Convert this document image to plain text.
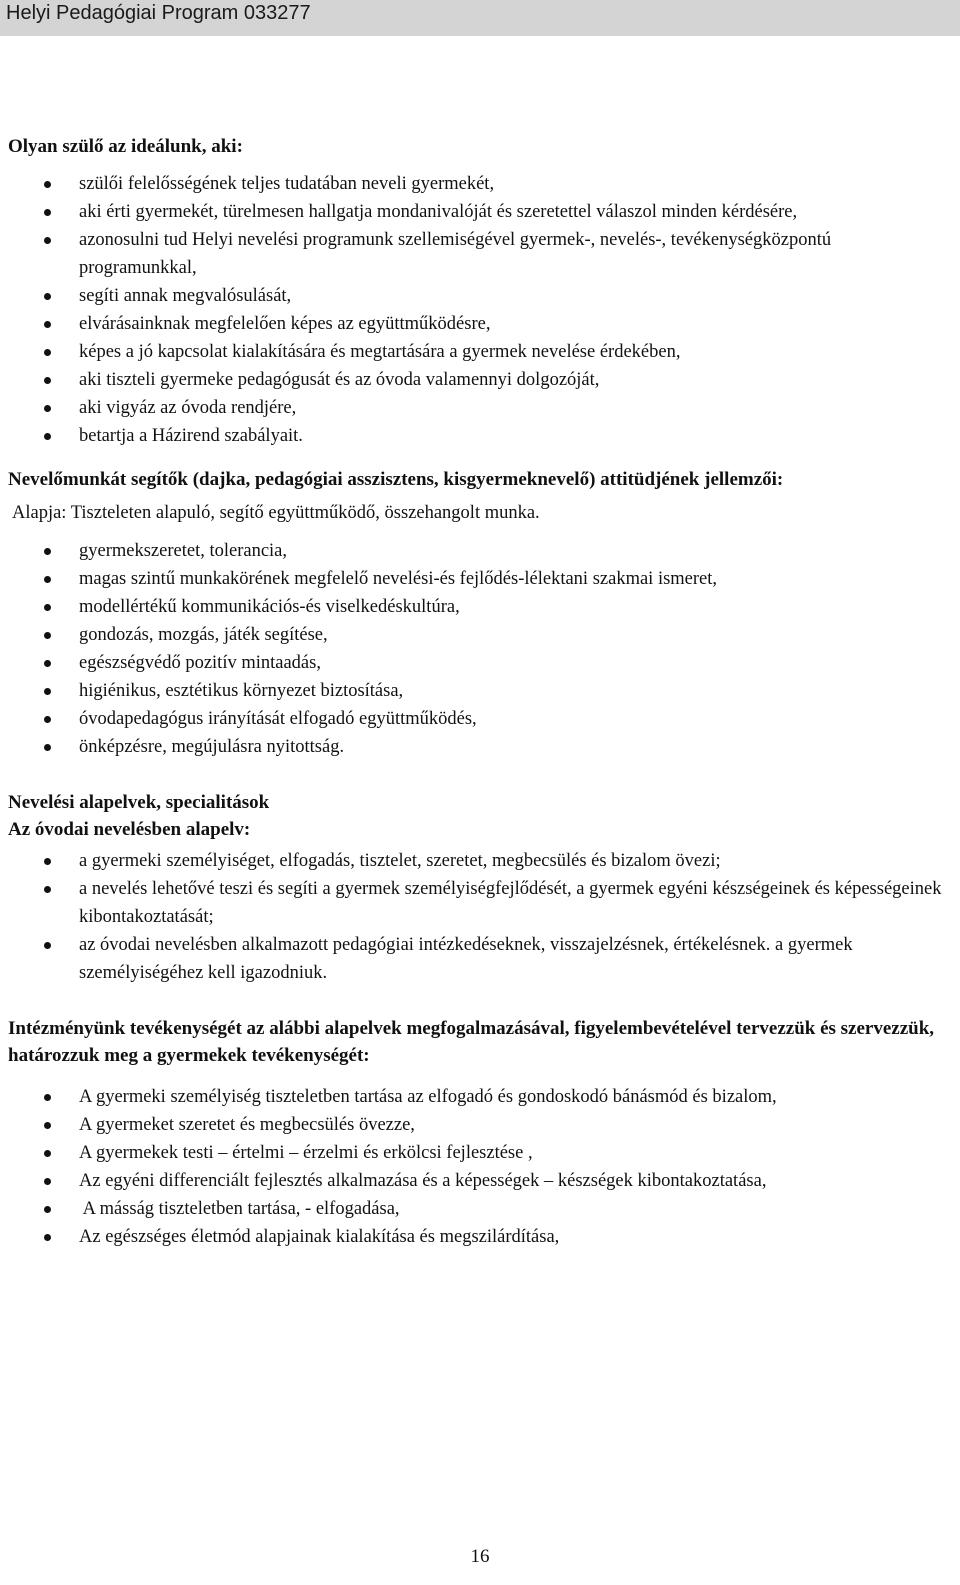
Helyi Pedagógiai Program 033277

Olyan szülő az ideálunk, aki:

szülői felelősségének teljes tudatában neveli gyermekét,
aki érti gyermekét, türelmesen hallgatja mondanivalóját és szeretettel válaszol minden kérdésére,
azonosulni tud Helyi nevelési programunk szellemiségével gyermek-, nevelés-, tevékenységközpontú programunkkal,
segíti annak megvalósulását,
elvárásainknak megfelelően képes az együttműködésre,
képes a jó kapcsolat kialakítására és megtartására a gyermek nevelése érdekében,
aki tiszteli gyermeke pedagógusát és az óvoda valamennyi dolgozóját,
aki vigyáz az óvoda rendjére,
betartja a Házirend szabályait.

Nevelőmunkát segítők (dajka, pedagógiai asszisztens, kisgyermeknevelő) attitüdjének jellemzői:

Alapja: Tiszteleten alapuló, segítő együttműködő, összehangolt munka.

gyermekszeretet, tolerancia,
magas szintű munkakörének megfelelő nevelési-és fejlődés-lélektani szakmai ismeret,
modellértékű kommunikációs-és viselkedéskultúra,
gondozás, mozgás, játék segítése,
egészségvédő pozitív mintaadás,
higiénikus, esztétikus környezet biztosítása,
óvodapedagógus irányítását elfogadó együttműködés,
önképzésre, megújulásra nyitottság.

Nevelési alapelvek, specialitások

Az óvodai nevelésben alapelv:

a gyermeki személyiséget, elfogadás, tisztelet, szeretet, megbecsülés és bizalom övezi;
a nevelés lehetővé teszi és segíti a gyermek személyiségfejlődését, a gyermek egyéni készségeinek és képességeinek kibontakoztatását;
az óvodai nevelésben alkalmazott pedagógiai intézkedéseknek, visszajelzésnek, értékelésnek. a gyermek személyiségéhez kell igazodniuk.

Intézményünk tevékenységét az alábbi alapelvek megfogalmazásával, figyelembevételével tervezzük és szervezzük, határozzuk meg a gyermekek tevékenységét:

A gyermeki személyiség tiszteletben tartása az elfogadó és gondoskodó bánásmód és bizalom,
A gyermeket szeretet és megbecsülés övezze,
A gyermekek testi – értelmi – érzelmi és erkölcsi fejlesztése ,
Az egyéni differenciált fejlesztés alkalmazása és a képességek – készségek kibontakoztatása,
A másság tiszteletben tartása, - elfogadása,
Az egészséges életmód alapjainak kialakítása és megszilárdítása,
16
